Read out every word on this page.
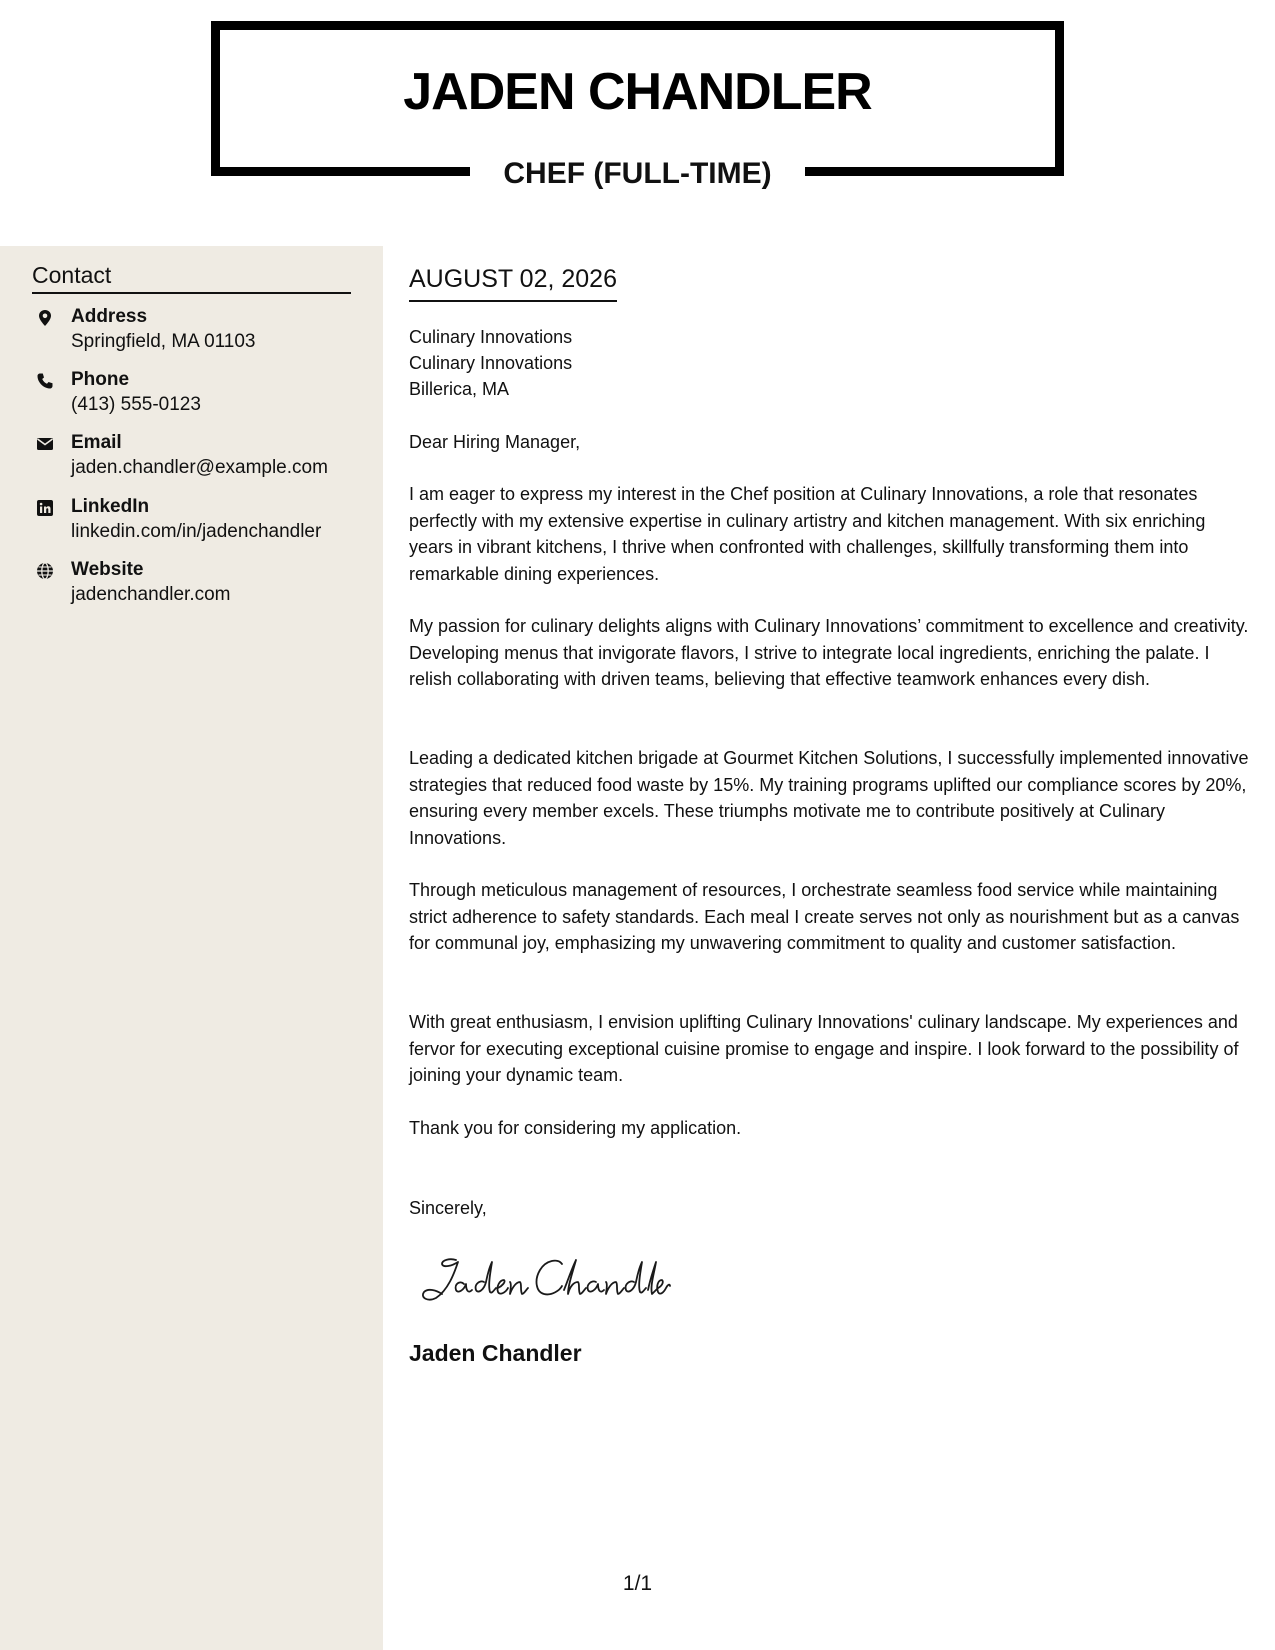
JADEN CHANDLER
CHEF (FULL-TIME)
Contact
Address
Springfield, MA 01103
Phone
(413) 555-0123
Email
jaden.chandler@example.com
LinkedIn
linkedin.com/in/jadenchandler
Website
jadenchandler.com
AUGUST 02, 2026
Culinary Innovations
Culinary Innovations
Billerica, MA
Dear Hiring Manager,

I am eager to express my interest in the Chef position at Culinary Innovations, a role that resonates perfectly with my extensive expertise in culinary artistry and kitchen management. With six enriching years in vibrant kitchens, I thrive when confronted with challenges, skillfully transforming them into remarkable dining experiences.

My passion for culinary delights aligns with Culinary Innovations’ commitment to excellence and creativity. Developing menus that invigorate flavors, I strive to integrate local ingredients, enriching the palate. I relish collaborating with driven teams, believing that effective teamwork enhances every dish.

Leading a dedicated kitchen brigade at Gourmet Kitchen Solutions, I successfully implemented innovative strategies that reduced food waste by 15%. My training programs uplifted our compliance scores by 20%, ensuring every member excels. These triumphs motivate me to contribute positively at Culinary Innovations.

Through meticulous management of resources, I orchestrate seamless food service while maintaining strict adherence to safety standards. Each meal I create serves not only as nourishment but as a canvas for communal joy, emphasizing my unwavering commitment to quality and customer satisfaction.

With great enthusiasm, I envision uplifting Culinary Innovations' culinary landscape. My experiences and fervor for executing exceptional cuisine promise to engage and inspire. I look forward to the possibility of joining your dynamic team.

Thank you for considering my application.

Sincerely,
Jaden Chandler
1/1
